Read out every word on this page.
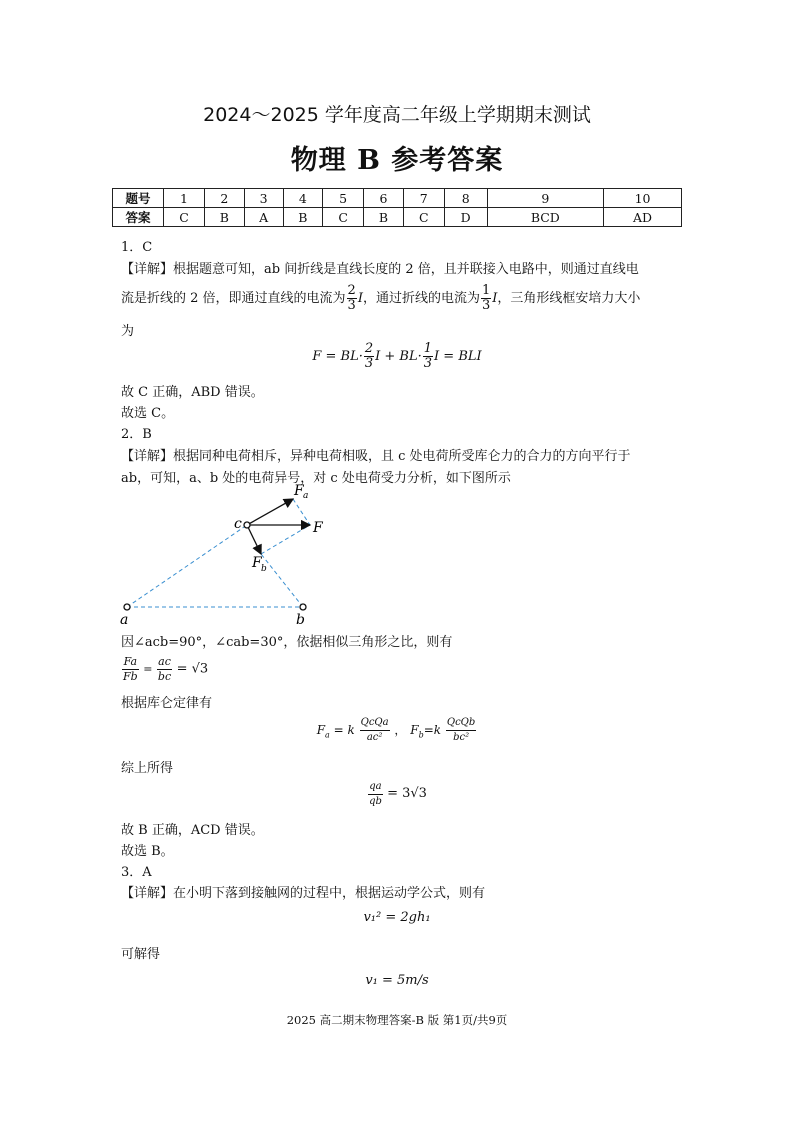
2024～2025 学年度高二年级上学期期末测试
物理 B 参考答案
题号	1	2	3	4	5	6	7	8	9	10
答案	C	B	A	B	C	B	C	D	BCD	AD
1．C
【详解】根据题意可知，ab 间折线是直线长度的 2 倍，且并联接入电路中，则通过直线电
流是折线的 2 倍，即通过直线的电流为 $\frac{2}{3}$ I，通过折线的电流为 $\frac{1}{3}$ I，三角形线框安培力大小
为
$F = BL\cdot \frac{2}{3}$ $I + BL\cdot \frac{1}{3}$ I = BLI
故 C 正确，ABD 错误。
故选 C。
2．B
【详解】根据同种电荷相斥，异种电荷相吸，且 c 处电荷所受库仑力的合力的方向平行于
ab，可知，a、b 处的电荷异号，对 c 处电荷受力分析，如下图所示
a	b
c	F
F a
F b
因∠acb=90°，∠cab=30°，依据相似三角形之比，则有
$\frac{Fa}{Fb} = \frac{ac}{bc} = √3$
根据库仑定律有
$F_a = k \frac{\text{QcQa}}{\text{ac²}}$ ， $F_b=k \frac{\text{QcQb}}{\text{bc²}}$
综上所得
$\frac{qa}{qb} = 3√3$
故 B 正确，ACD 错误。
故选 B。
3．A
【详解】在小明下落到接触网的过程中，根据运动学公式，则有
v₁² = 2gh₁
可解得
v₁ = 5m/s
2025 高二期末物理答案-B 版 第1页/共9页
